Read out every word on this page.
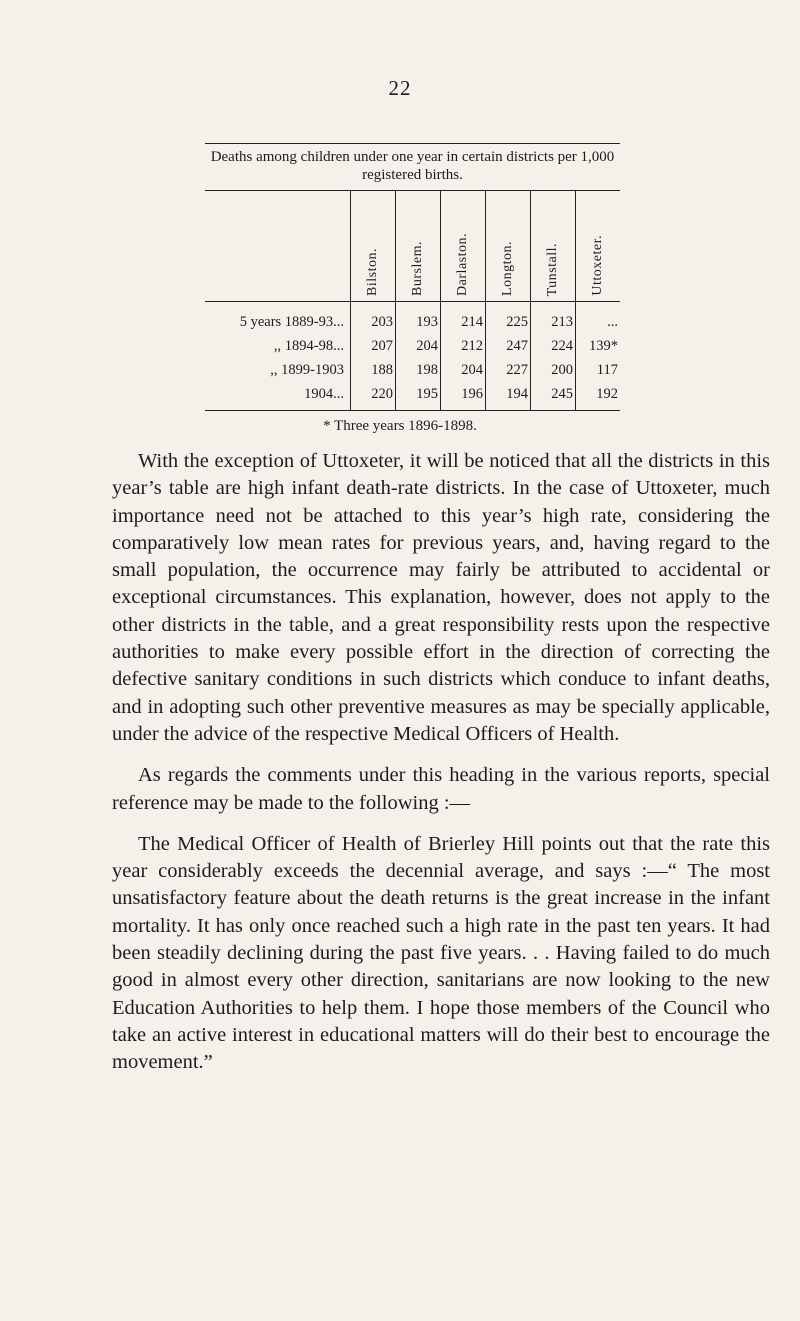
22
Deaths among children under one year in certain districts per 1,000 registered births.
	Bilston.	Burslem.	Darlaston.	Longton.	Tunstall.	Uttoxeter.
5 years 1889-93...	203	193	214	225	213	...
,, 1894-98...	207	204	212	247	224	139*
,, 1899-1903	188	198	204	227	200	117
1904...	220	195	196	194	245	192
* Three years 1896-1898.

With the exception of Uttoxeter, it will be noticed that all the districts in this year’s table are high infant death-rate districts. In the case of Uttoxeter, much importance need not be attached to this year’s high rate, considering the comparatively low mean rates for previous years, and, having regard to the small population, the occurrence may fairly be attributed to accidental or exceptional circumstances. This explanation, however, does not apply to the other districts in the table, and a great responsibility rests upon the respective authorities to make every possible effort in the direction of correcting the defective sanitary conditions in such districts which conduce to infant deaths, and in adopting such other preventive measures as may be specially applicable, under the advice of the respective Medical Officers of Health.

As regards the comments under this heading in the various reports, special reference may be made to the following :—

The Medical Officer of Health of Brierley Hill points out that the rate this year considerably exceeds the decennial average, and says :—“ The most unsatisfactory feature about the death returns is the great increase in the infant mortality. It has only once reached such a high rate in the past ten years. It had been steadily declining during the past five years. . . Having failed to do much good in almost every other direction, sanitarians are now looking to the new Education Authorities to help them. I hope those members of the Council who take an active interest in educational matters will do their best to encourage the movement.”
